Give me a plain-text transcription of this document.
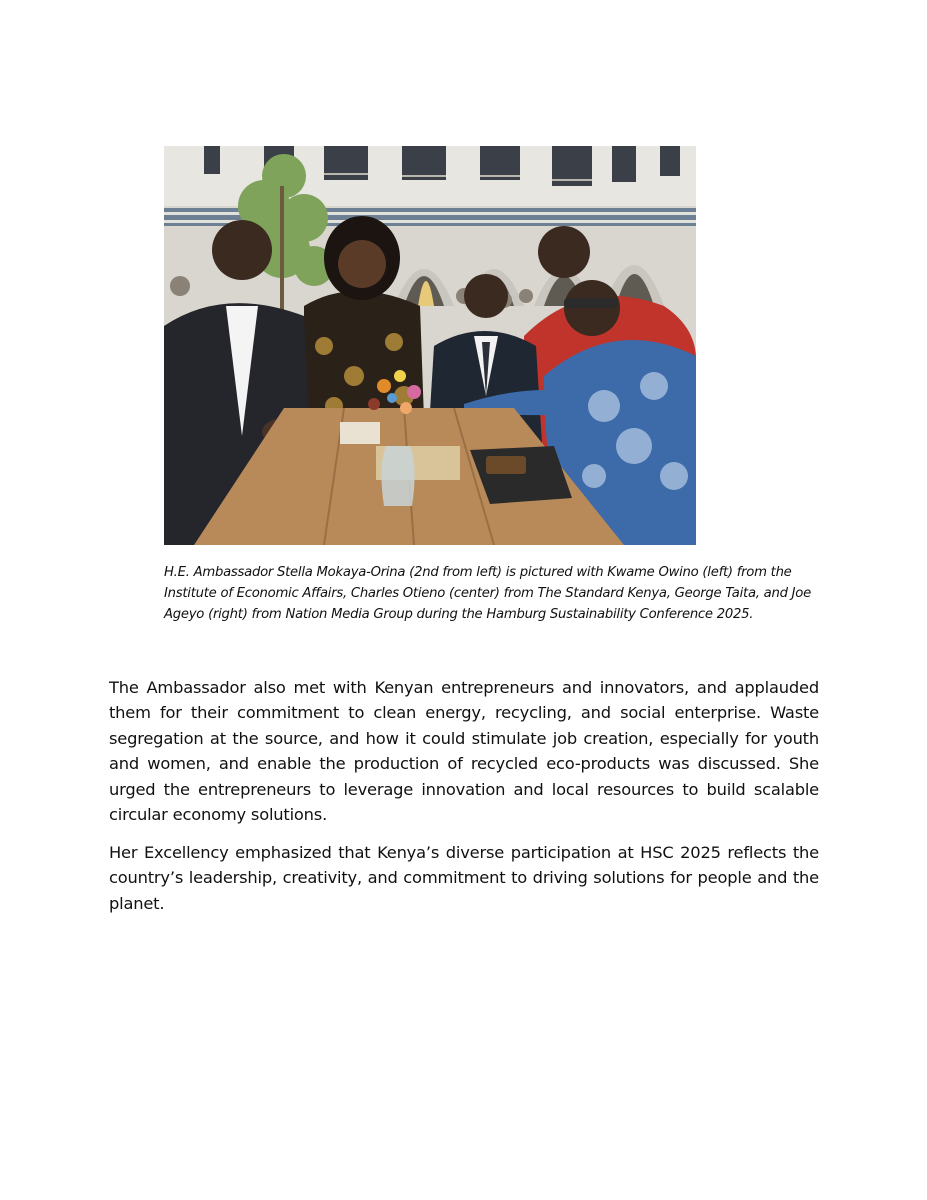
H.E. Ambassador Stella Mokaya-Orina (2nd from left) is pictured with Kwame Owino (left) from the Institute of Economic Affairs, Charles Otieno (center) from The Standard Kenya, George Taita, and Joe Ageyo (right) from Nation Media Group during the Hamburg Sustainability Conference 2025.

The Ambassador also met with Kenyan entrepreneurs and innovators, and applauded them for their commitment to clean energy, recycling, and social enterprise. Waste segregation at the source, and how it could stimulate job creation, especially for youth and women, and enable the production of recycled eco-products was discussed. She urged the entrepreneurs to leverage innovation and local resources to build scalable circular economy solutions.

Her Excellency emphasized that Kenya’s diverse participation at HSC 2025 reflects the country’s leadership, creativity, and commitment to driving solutions for people and the planet.
